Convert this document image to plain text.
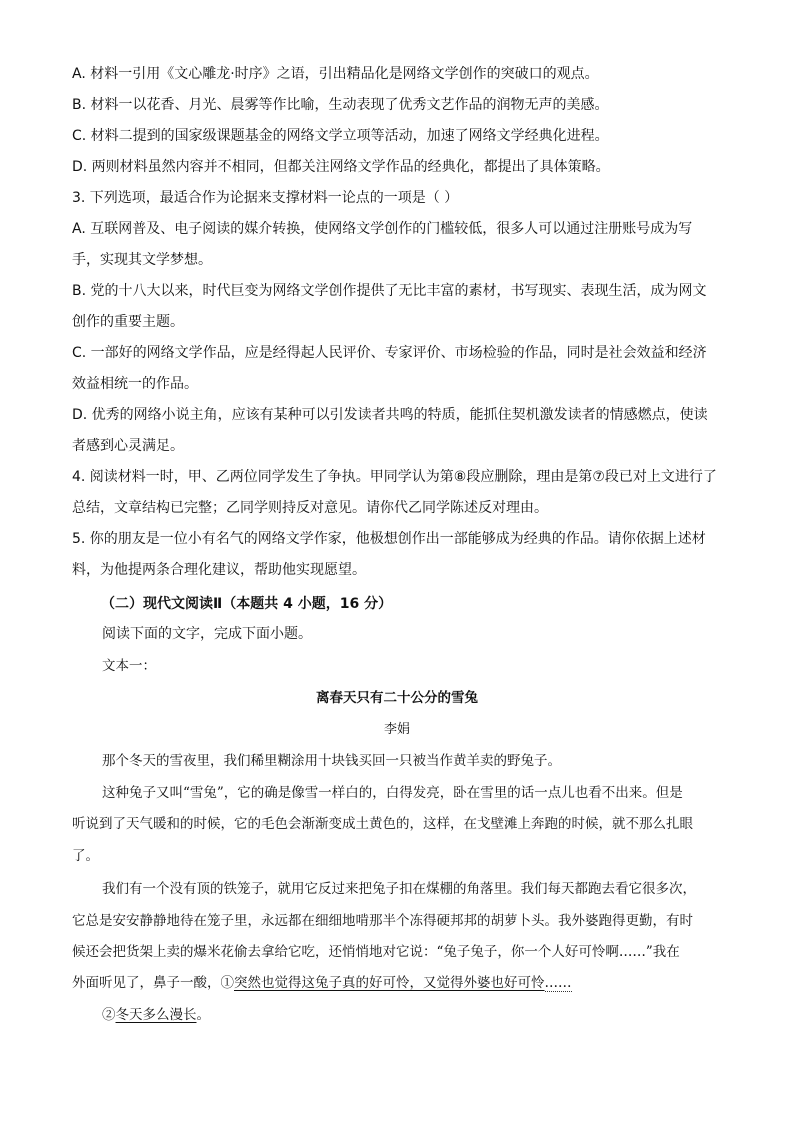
A. 材料一引用《文心雕龙·时序》之语，引出精品化是网络文学创作的突破口的观点。
B. 材料一以花香、月光、晨雾等作比喻，生动表现了优秀文艺作品的润物无声的美感。
C. 材料二提到的国家级课题基金的网络文学立项等活动，加速了网络文学经典化进程。
D. 两则材料虽然内容并不相同，但都关注网络文学作品的经典化，都提出了具体策略。
3. 下列选项，最适合作为论据来支撑材料一论点的一项是（ ）
A. 互联网普及、电子阅读的媒介转换，使网络文学创作的门槛较低，很多人可以通过注册账号成为写
手，实现其文学梦想。
B. 党的十八大以来，时代巨变为网络文学创作提供了无比丰富的素材，书写现实、表现生活，成为网文
创作的重要主题。
C. 一部好的网络文学作品，应是经得起人民评价、专家评价、市场检验的作品，同时是社会效益和经济
效益相统一的作品。
D. 优秀的网络小说主角，应该有某种可以引发读者共鸣的特质，能抓住契机激发读者的情感燃点，使读
者感到心灵满足。
4. 阅读材料一时，甲、乙两位同学发生了争执。甲同学认为第⑧段应删除，理由是第⑦段已对上文进行了
总结，文章结构已完整；乙同学则持反对意见。请你代乙同学陈述反对理由。
5. 你的朋友是一位小有名气的网络文学作家，他极想创作出一部能够成为经典的作品。请你依据上述材
料，为他提两条合理化建议，帮助他实现愿望。
（二）现代文阅读Ⅱ（本题共 4 小题，16 分）
阅读下面的文字，完成下面小题。
文本一：
离春天只有二十公分的雪兔
李娟
那个冬天的雪夜里，我们稀里糊涂用十块钱买回一只被当作黄羊卖的野兔子。
这种兔子又叫“雪兔”，它的确是像雪一样白的，白得发亮，卧在雪里的话一点儿也看不出来。但是
听说到了天气暖和的时候，它的毛色会渐渐变成土黄色的，这样，在戈壁滩上奔跑的时候，就不那么扎眼
了。
我们有一个没有顶的铁笼子，就用它反过来把兔子扣在煤棚的角落里。我们每天都跑去看它很多次，
它总是安安静静地待在笼子里，永远都在细细地啃那半个冻得硬邦邦的胡萝卜头。我外婆跑得更勤，有时
候还会把货架上卖的爆米花偷去拿给它吃，还悄悄地对它说：“兔子兔子，你一个人好可怜啊……”我在
外面听见了，鼻子一酸，①突然也觉得这兔子真的好可怜，又觉得外婆也好可怜……
②冬天多么漫长。
